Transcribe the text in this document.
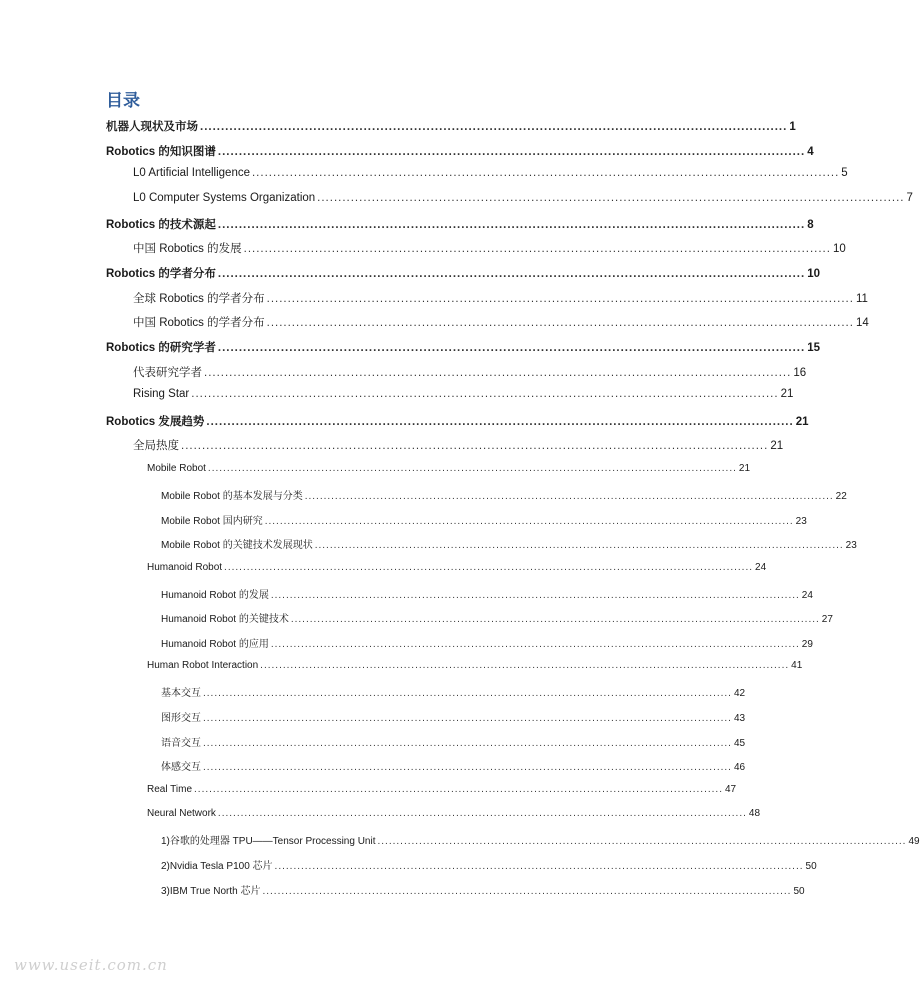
目录
机器人现状及市场 ............................................................................................................................................ 1
Robotics 的知识图谱 ............................................................................................................................................ 4
L0 Artificial Intelligence ............................................................................................................................................ 5
L0 Computer Systems Organization ............................................................................................................................................ 7
Robotics 的技术源起 ............................................................................................................................................ 8
中国 Robotics 的发展 ............................................................................................................................................ 10
Robotics 的学者分布 ............................................................................................................................................ 10
全球 Robotics 的学者分布 ............................................................................................................................................ 11
中国 Robotics 的学者分布 ............................................................................................................................................ 14
Robotics 的研究学者 ............................................................................................................................................ 15
代表研究学者 ............................................................................................................................................ 16
Rising Star ............................................................................................................................................ 21
Robotics 发展趋势 ............................................................................................................................................ 21
全局热度 ............................................................................................................................................ 21
Mobile Robot ............................................................................................................................................ 21
Mobile Robot 的基本发展与分类 ............................................................................................................................................ 22
Mobile Robot 国内研究 ............................................................................................................................................ 23
Mobile Robot 的关键技术发展现状 ............................................................................................................................................ 23
Humanoid Robot ............................................................................................................................................ 24
Humanoid Robot 的发展 ............................................................................................................................................ 24
Humanoid Robot 的关键技术 ............................................................................................................................................ 27
Humanoid Robot 的应用 ............................................................................................................................................ 29
Human Robot Interaction ............................................................................................................................................ 41
基本交互 ............................................................................................................................................ 42
图形交互 ............................................................................................................................................ 43
语音交互 ............................................................................................................................................ 45
体感交互 ............................................................................................................................................ 46
Real Time ............................................................................................................................................ 47
Neural Network ............................................................................................................................................ 48
1)谷歌的处理器 TPU——Tensor Processing Unit ............................................................................................................................................ 49
2)Nvidia Tesla P100 芯片 ............................................................................................................................................ 50
3)IBM True North 芯片 ............................................................................................................................................ 50
www.useit.com.cn
